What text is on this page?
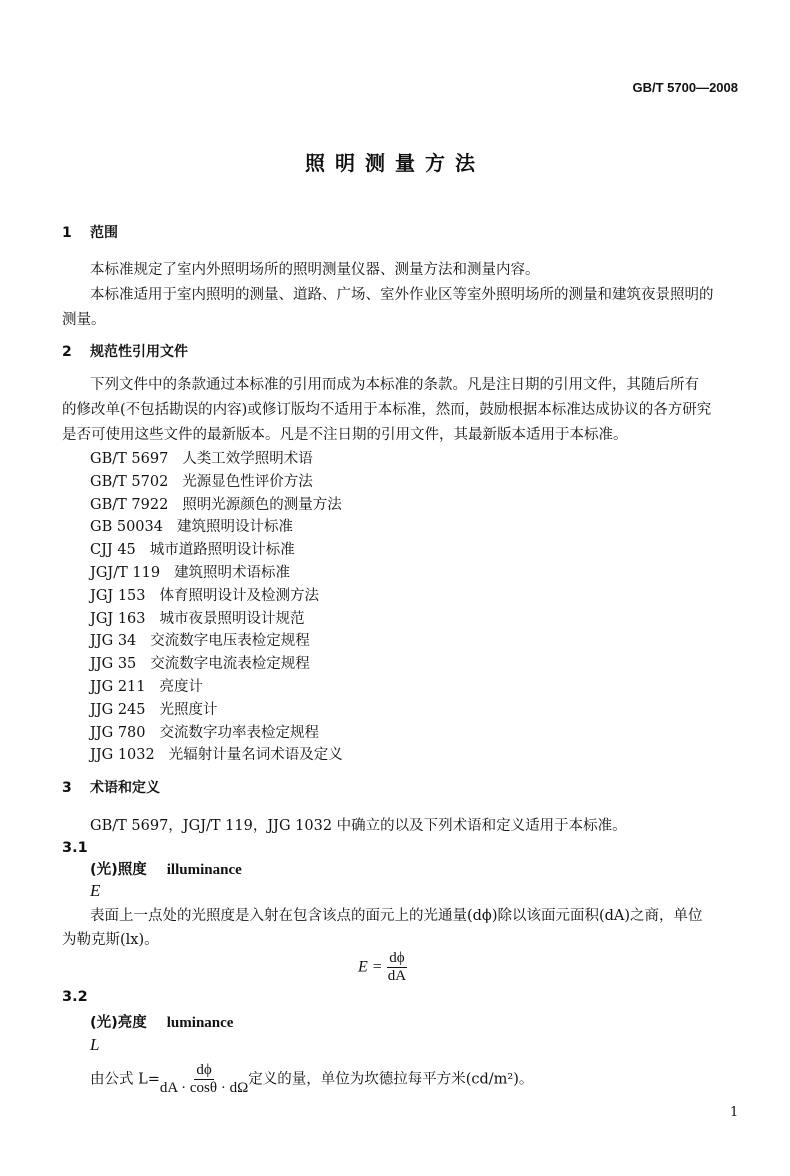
GB/T 5700—2008
照明测量方法
1 范围
本标准规定了室内外照明场所的照明测量仪器、测量方法和测量内容。
本标准适用于室内照明的测量、道路、广场、室外作业区等室外照明场所的测量和建筑夜景照明的
测量。
2 规范性引用文件
下列文件中的条款通过本标准的引用而成为本标准的条款。凡是注日期的引用文件，其随后所有
的修改单(不包括勘误的内容)或修订版均不适用于本标准，然而，鼓励根据本标准达成协议的各方研究
是否可使用这些文件的最新版本。凡是不注日期的引用文件，其最新版本适用于本标准。
GB/T 5697 人类工效学照明术语
GB/T 5702 光源显色性评价方法
GB/T 7922 照明光源颜色的测量方法
GB 50034 建筑照明设计标准
CJJ 45 城市道路照明设计标准
JGJ/T 119 建筑照明术语标准
JGJ 153 体育照明设计及检测方法
JGJ 163 城市夜景照明设计规范
JJG 34 交流数字电压表检定规程
JJG 35 交流数字电流表检定规程
JJG 211 亮度计
JJG 245 光照度计
JJG 780 交流数字功率表检定规程
JJG 1032 光辐射计量名词术语及定义
3 术语和定义
GB/T 5697，JGJ/T 119，JJG 1032 中确立的以及下列术语和定义适用于本标准。
3.1
(光)照度 illuminance
E
表面上一点处的光照度是入射在包含该点的面元上的光通量(dϕ)除以该面元面积(dA)之商，单位
为勒克斯(lx)。
$E = \frac{d\phi}{dA}$
3.2
(光)亮度 luminance
L
由公式 $L= \frac{d\phi}{dA \cdot \cos\theta \cdot d\Omega}$ 定义的量，单位为坎德拉每平方米(cd/m²)。
1
